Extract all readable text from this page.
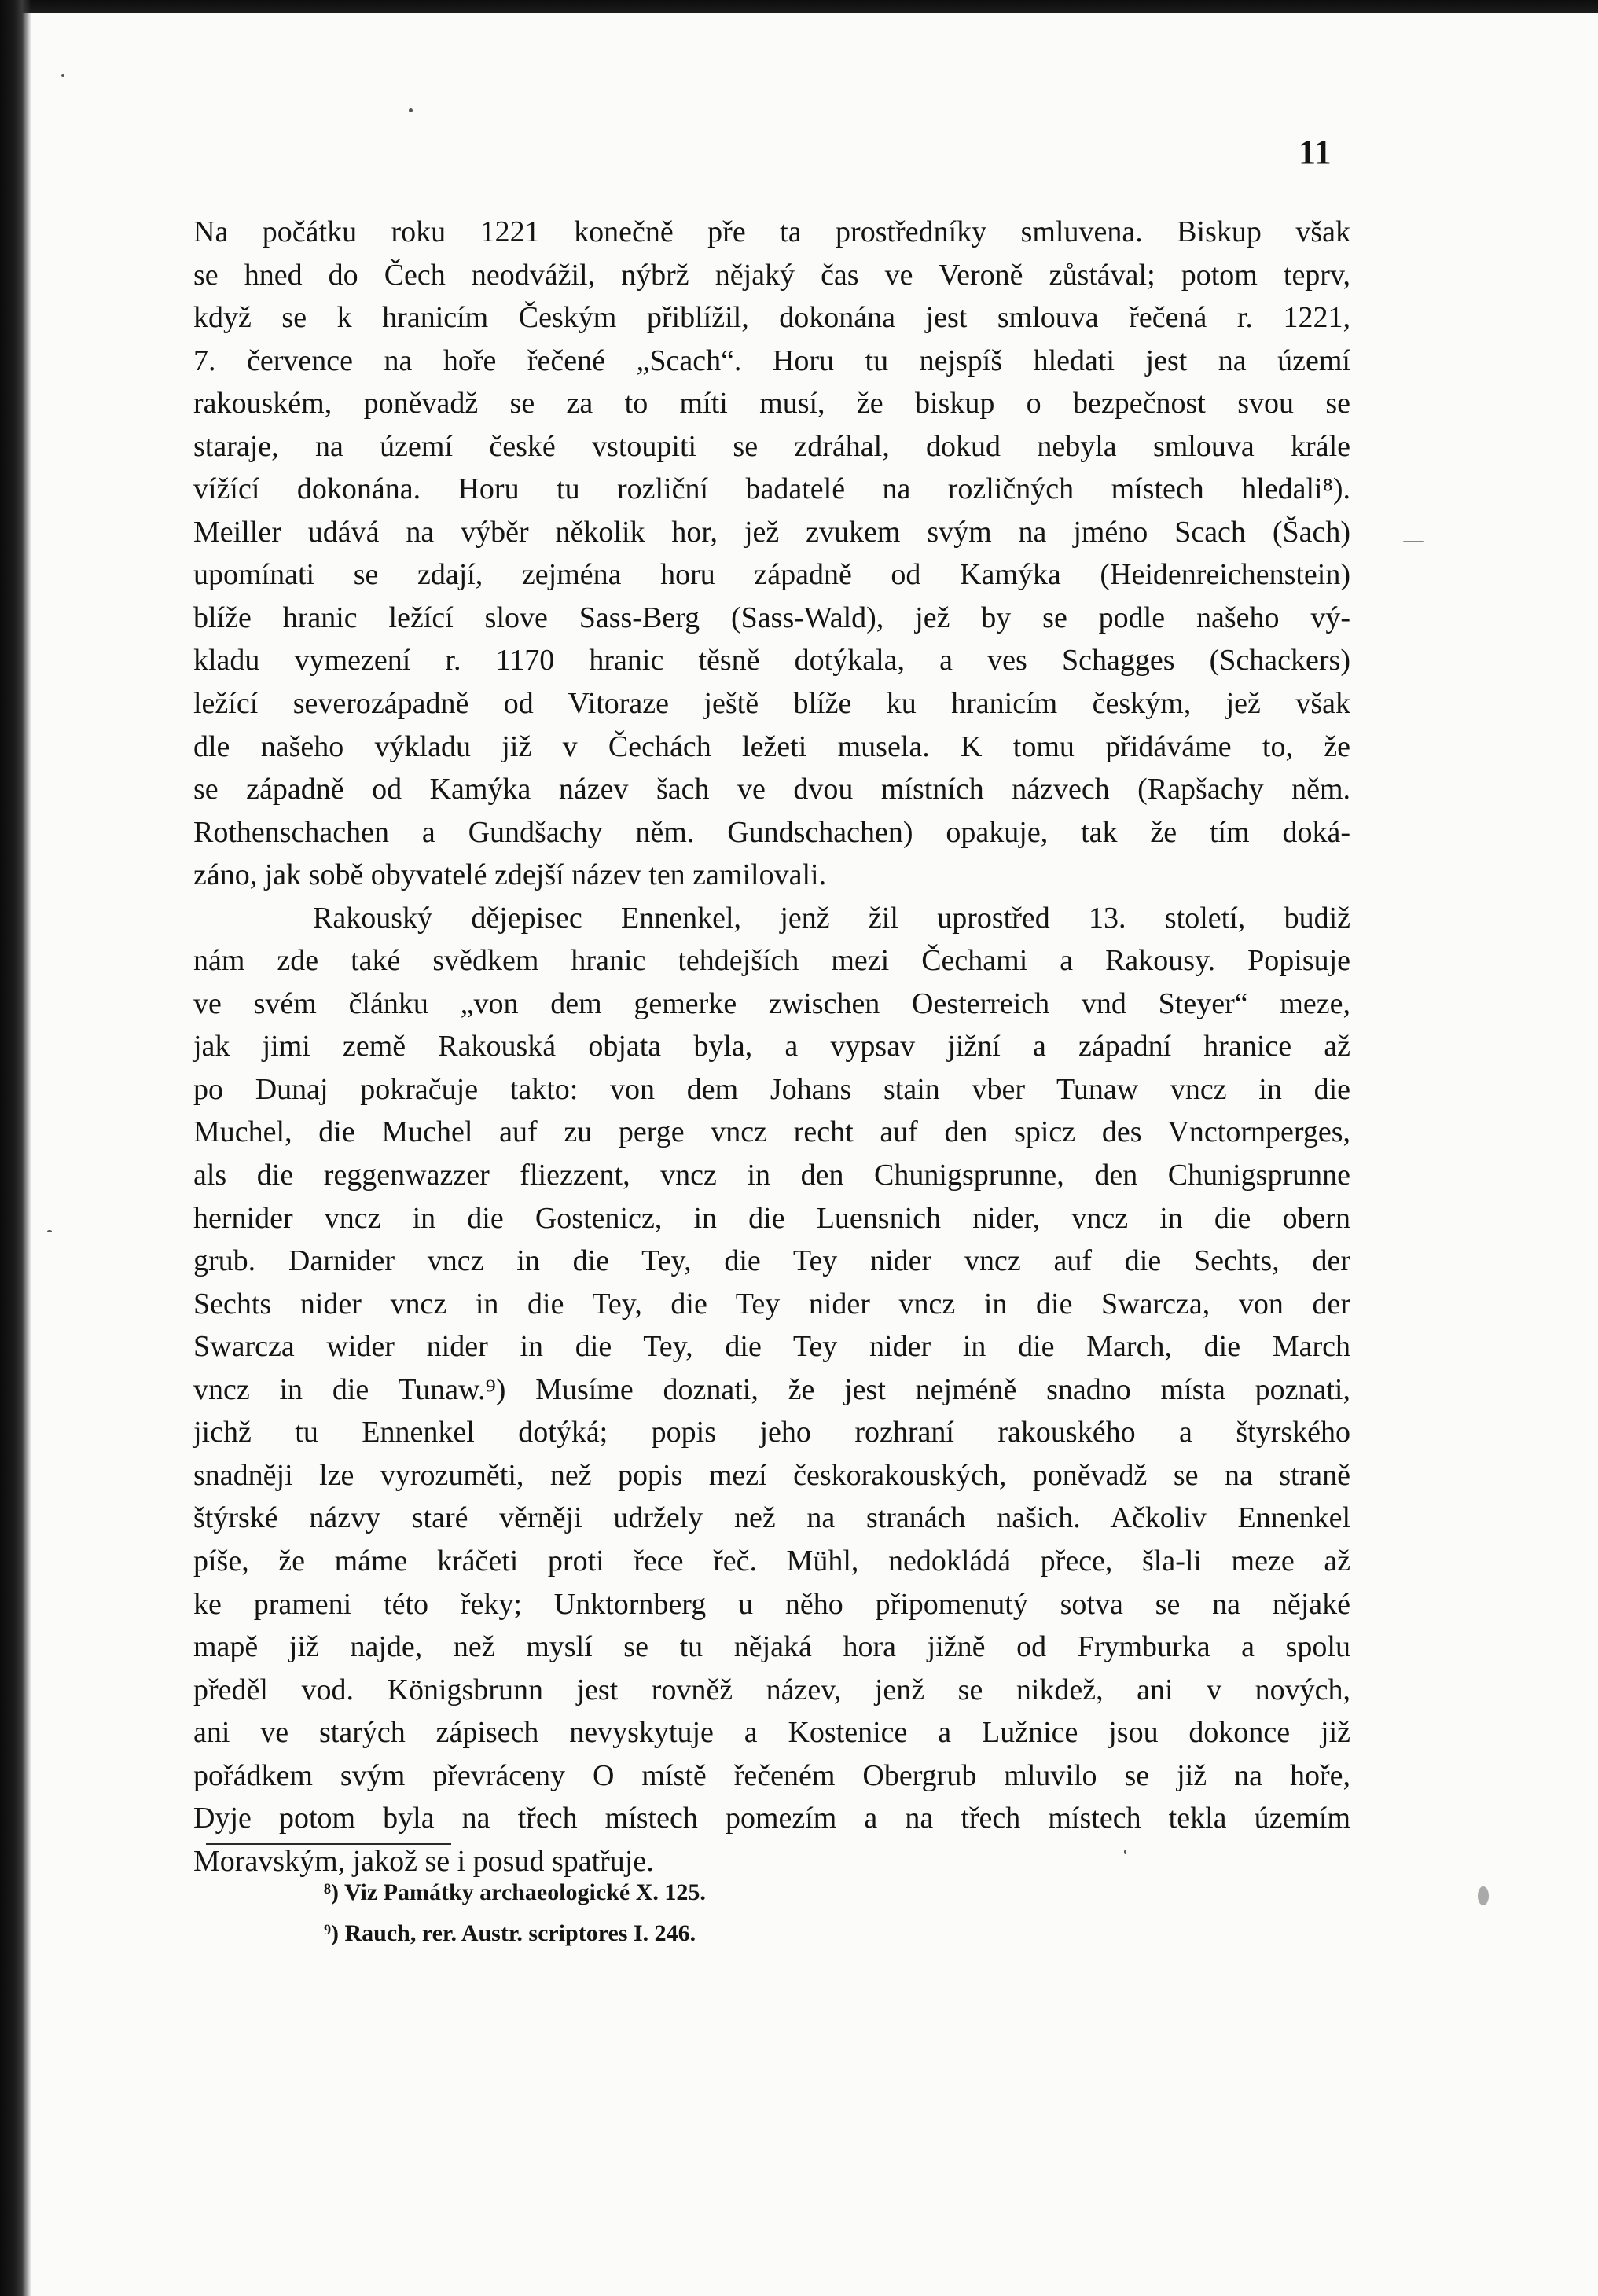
11
Na počátku roku 1221 konečně pře ta prostředníky smluvena. Biskup však
se hned do Čech neodvážil, nýbrž nějaký čas ve Veroně zůstával; potom teprv,
když se k hranicím Českým přiblížil, dokonána jest smlouva řečená r. 1221,
7. července na hoře řečené „Scach“. Horu tu nejspíš hledati jest na území
rakouském, poněvadž se za to míti musí, že biskup o bezpečnost svou se
staraje, na území české vstoupiti se zdráhal, dokud nebyla smlouva krále
vížící dokonána. Horu tu rozliční badatelé na rozličných místech hledali⁸).
Meiller udává na výběr několik hor, jež zvukem svým na jméno Scach (Šach)
upomínati se zdají, zejména horu západně od Kamýka (Heidenreichenstein)
blíže hranic ležící slove Sass-Berg (Sass-Wald), jež by se podle našeho vý-
kladu vymezení r. 1170 hranic těsně dotýkala, a ves Schagges (Schackers)
ležící severozápadně od Vitoraze ještě blíže ku hranicím českým, jež však
dle našeho výkladu již v Čechách ležeti musela. K tomu přidáváme to, že
se západně od Kamýka název šach ve dvou místních názvech (Rapšachy něm.
Rothenschachen a Gundšachy něm. Gundschachen) opakuje, tak že tím doká-
záno, jak sobě obyvatelé zdejší název ten zamilovali.
Rakouský dějepisec Ennenkel, jenž žil uprostřed 13. století, budiž
nám zde také svědkem hranic tehdejších mezi Čechami a Rakousy. Popisuje
ve svém článku „von dem gemerke zwischen Oesterreich vnd Steyer“ meze,
jak jimi země Rakouská objata byla, a vypsav jižní a západní hranice až
po Dunaj pokračuje takto: von dem Johans stain vber Tunaw vncz in die
Muchel, die Muchel auf zu perge vncz recht auf den spicz des Vnctornperges,
als die reggenwazzer fliezzent, vncz in den Chunigsprunne, den Chunigsprunne
hernider vncz in die Gostenicz, in die Luensnich nider, vncz in die obern
grub. Darnider vncz in die Tey, die Tey nider vncz auf die Sechts, der
Sechts nider vncz in die Tey, die Tey nider vncz in die Swarcza, von der
Swarcza wider nider in die Tey, die Tey nider in die March, die March
vncz in die Tunaw.⁹) Musíme doznati, že jest nejméně snadno místa poznati,
jichž tu Ennenkel dotýká; popis jeho rozhraní rakouského a štyrského
snadněji lze vyrozuměti, než popis mezí českorakouských, poněvadž se na straně
štýrské názvy staré věrněji udržely než na stranách našich. Ačkoliv Ennenkel
píše, že máme kráčeti proti řece řeč. Mühl, nedokládá přece, šla-li meze až
ke prameni této řeky; Unktornberg u něho připomenutý sotva se na nějaké
mapě již najde, než myslí se tu nějaká hora jižně od Frymburka a spolu
předěl vod. Königsbrunn jest rovněž název, jenž se nikdež, ani v nových,
ani ve starých zápisech nevyskytuje a Kostenice a Lužnice jsou dokonce již
pořádkem svým převráceny O místě řečeném Obergrub mluvilo se již na hoře,
Dyje potom byla na třech místech pomezím a na třech místech tekla územím
Moravským, jakož se i posud spatřuje.
⁸) Viz Památky archaeologické X. 125.
⁹) Rauch, rer. Austr. scriptores I. 246.
